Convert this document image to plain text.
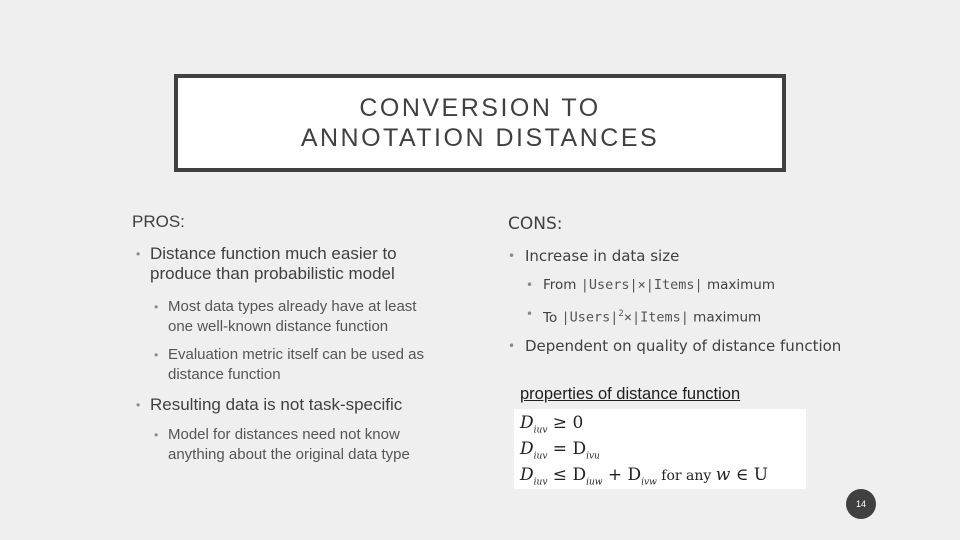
CONVERSION TO
ANNOTATION DISTANCES
PROS:
• Distance function much easier to
produce than probabilistic model
• Most data types already have at least
one well-known distance function
• Evaluation metric itself can be used as
distance function
• Resulting data is not task-specific
• Model for distances need not know
anything about the original data type
CONS:
• Increase in data size
• From |Users|×|Items| maximum
• To $|Users|^2\times|Items|$ maximum
• Dependent on quality of distance function
properties of distance function
$D_{iuv} \ge 0$
$D_{iuv} = D_{ivu}$
$D_{iuv} \le D_{iuw} + D_{ivw}$ for any w ∈ U
14
